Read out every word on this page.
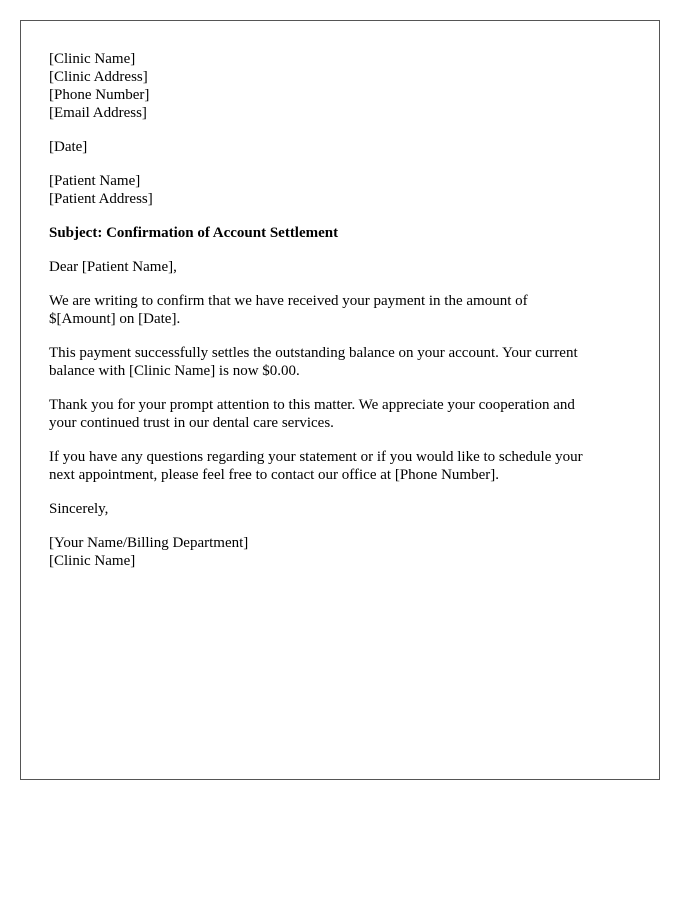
[Clinic Name]
[Clinic Address]
[Phone Number]
[Email Address]
[Date]
[Patient Name]
[Patient Address]
Subject: Confirmation of Account Settlement
Dear [Patient Name],
We are writing to confirm that we have received your payment in the amount of
$[Amount] on [Date].
This payment successfully settles the outstanding balance on your account. Your current
balance with [Clinic Name] is now $0.00.
Thank you for your prompt attention to this matter. We appreciate your cooperation and
your continued trust in our dental care services.
If you have any questions regarding your statement or if you would like to schedule your
next appointment, please feel free to contact our office at [Phone Number].
Sincerely,
[Your Name/Billing Department]
[Clinic Name]
